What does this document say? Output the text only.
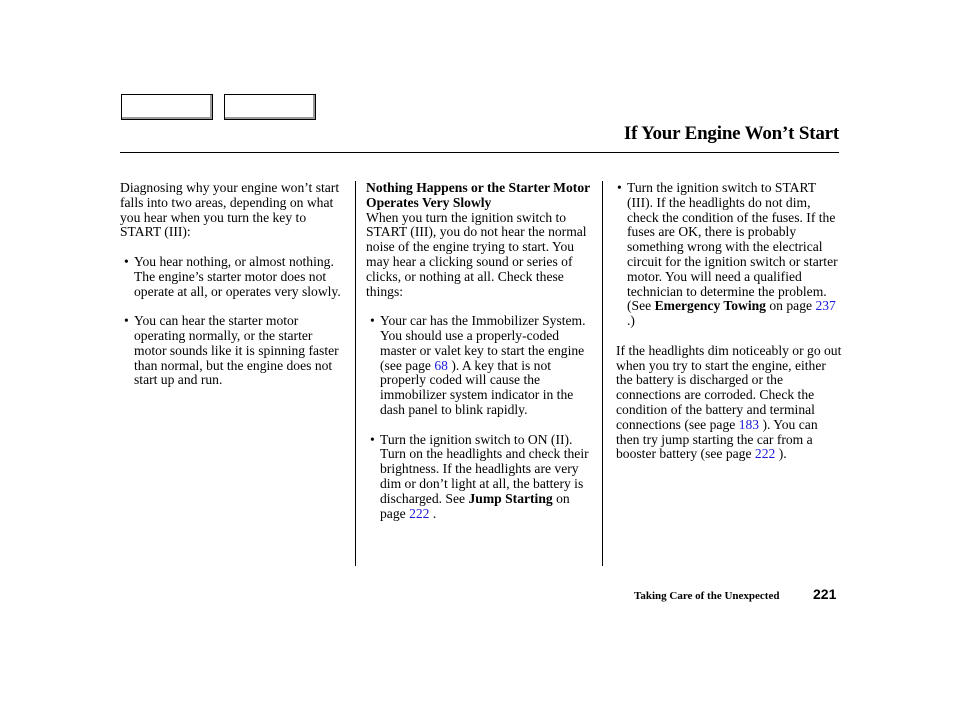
If Your Engine Won’t Start

Diagnosing why your engine won’t start falls into two areas, depending on what you hear when you turn the key to START (III):

• You hear nothing, or almost nothing. The engine’s starter motor does not operate at all, or operates very slowly.

• You can hear the starter motor operating normally, or the starter motor sounds like it is spinning faster than normal, but the engine does not start up and run.

Nothing Happens or the Starter Motor Operates Very Slowly

When you turn the ignition switch to START (III), you do not hear the normal noise of the engine trying to start. You may hear a clicking sound or series of clicks, or nothing at all. Check these things:

• Your car has the Immobilizer System. You should use a properly-coded master or valet key to start the engine (see page 68 ). A key that is not properly coded will cause the immobilizer system indicator in the dash panel to blink rapidly.

• Turn the ignition switch to ON (II). Turn on the headlights and check their brightness. If the headlights are very dim or don’t light at all, the battery is discharged. See Jump Starting on page 222 .

• Turn the ignition switch to START (III). If the headlights do not dim, check the condition of the fuses. If the fuses are OK, there is probably something wrong with the electrical circuit for the ignition switch or starter motor. You will need a qualified technician to determine the problem. (See Emergency Towing on page 237 .)

If the headlights dim noticeably or go out when you try to start the engine, either the battery is discharged or the connections are corroded. Check the condition of the battery and terminal connections (see page 183 ). You can then try jump starting the car from a booster battery (see page 222 ).

Taking Care of the Unexpected 221
